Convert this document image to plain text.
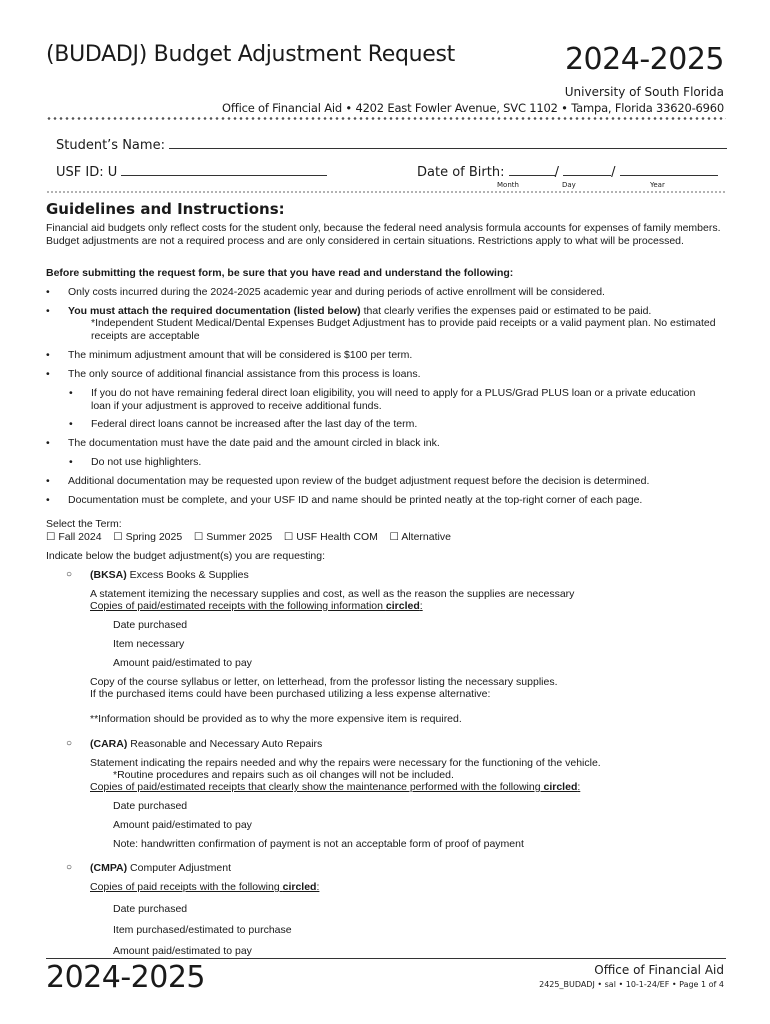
(BUDADJ) Budget Adjustment Request	2024-2025
University of South Florida
Office of Financial Aid • 4202 East Fowler Avenue, SVC 1102 • Tampa, Florida 33620-6960
Student’s Name:
USF ID: U	Date of Birth:	/	/
Month	Day	Year
Guidelines and Instructions:
Financial aid budgets only reflect costs for the student only, because the federal need analysis formula accounts for expenses of family members. Budget adjustments are not a required process and are only considered in certain situations. Restrictions apply to what will be processed.
Before submitting the request form, be sure that you have read and understand the following:
• Only costs incurred during the 2024-2025 academic year and during periods of active enrollment will be considered.
• You must attach the required documentation (listed below) that clearly verifies the expenses paid or estimated to be paid.
*Independent Student Medical/Dental Expenses Budget Adjustment has to provide paid receipts or a valid payment plan. No estimated receipts are acceptable
• The minimum adjustment amount that will be considered is $100 per term.
• The only source of additional financial assistance from this process is loans.
• If you do not have remaining federal direct loan eligibility, you will need to apply for a PLUS/Grad PLUS loan or a private education loan if your adjustment is approved to receive additional funds.
• Federal direct loans cannot be increased after the last day of the term.
• The documentation must have the date paid and the amount circled in black ink.
• Do not use highlighters.
• Additional documentation may be requested upon review of the budget adjustment request before the decision is determined.
• Documentation must be complete, and your USF ID and name should be printed neatly at the top-right corner of each page.
Select the Term:
☐ Fall 2024 ☐ Spring 2025 ☐ Summer 2025 ☐ USF Health COM ☐ Alternative
Indicate below the budget adjustment(s) you are requesting:
○ (BKSA) Excess Books & Supplies
A statement itemizing the necessary supplies and cost, as well as the reason the supplies are necessary
Copies of paid/estimated receipts with the following information circled:
Date purchased
Item necessary
Amount paid/estimated to pay
Copy of the course syllabus or letter, on letterhead, from the professor listing the necessary supplies.
If the purchased items could have been purchased utilizing a less expense alternative:
**Information should be provided as to why the more expensive item is required.
○ (CARA) Reasonable and Necessary Auto Repairs
Statement indicating the repairs needed and why the repairs were necessary for the functioning of the vehicle.
*Routine procedures and repairs such as oil changes will not be included.
Copies of paid/estimated receipts that clearly show the maintenance performed with the following circled:
Date purchased
Amount paid/estimated to pay
Note: handwritten confirmation of payment is not an acceptable form of proof of payment
○ (CMPA) Computer Adjustment
Copies of paid receipts with the following circled:
Date purchased
Item purchased/estimated to purchase
Amount paid/estimated to pay
2024-2025	Office of Financial Aid
2425_BUDADJ • sal • 10-1-24/EF • Page 1 of 4
